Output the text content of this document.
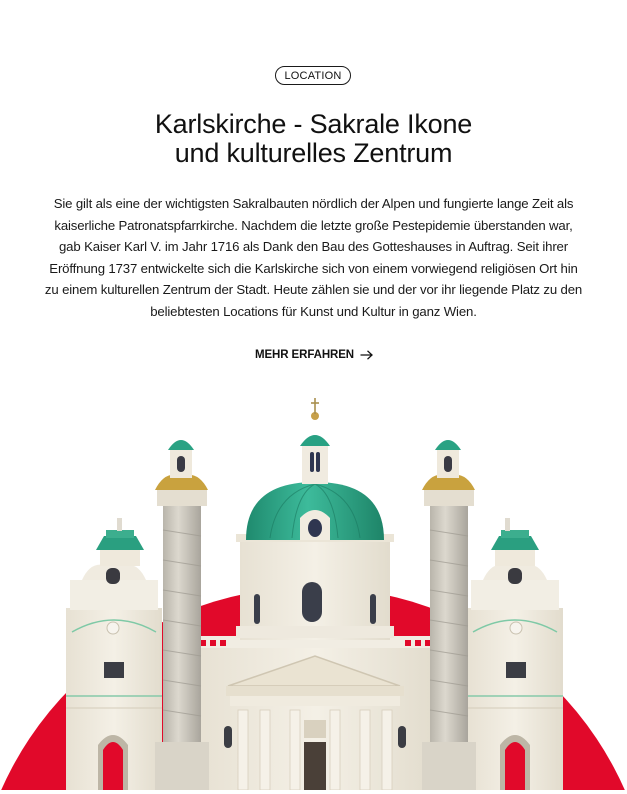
LOCATION
Karlskirche - Sakrale Ikone
und kulturelles Zentrum

Sie gilt als eine der wichtigsten Sakralbauten nördlich der Alpen und fungierte lange Zeit als
kaiserliche Patronatspfarrkirche. Nachdem die letzte große Pestepidemie überstanden war,
gab Kaiser Karl V. im Jahr 1716 als Dank den Bau des Gotteshauses in Auftrag. Seit ihrer
Eröffnung 1737 entwickelte sich die Karlskirche sich von einem vorwiegend religiösen Ort hin
zu einem kulturellen Zentrum der Stadt. Heute zählen sie und der vor ihr liegende Platz zu den
beliebtesten Locations für Kunst und Kultur in ganz Wien.

MEHR ERFAHREN
